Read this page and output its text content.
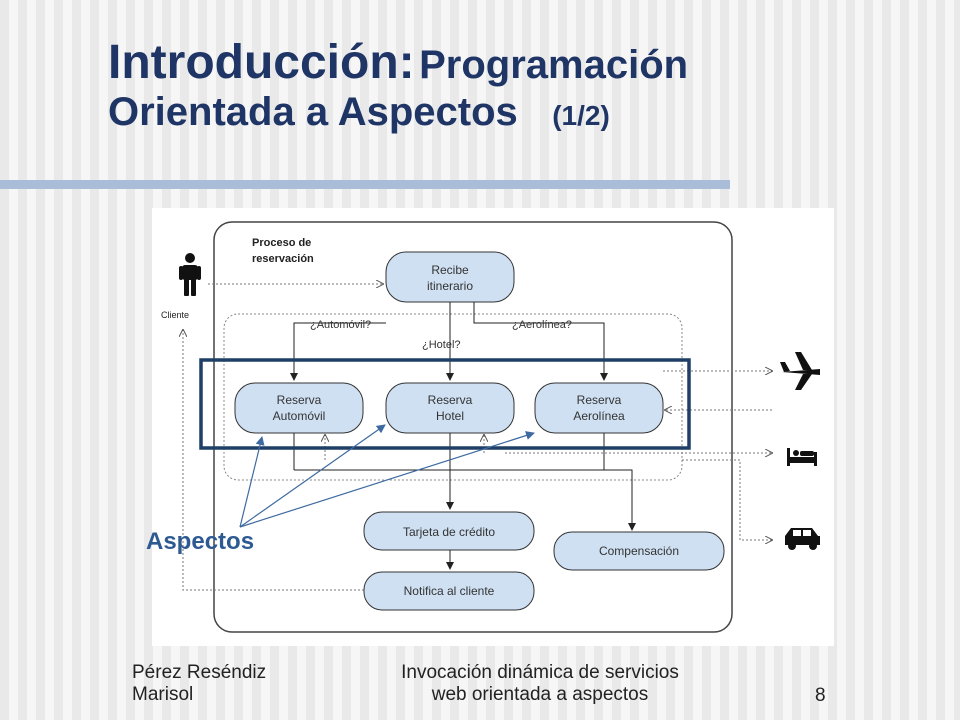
Introducción: Programación
Orientada a Aspectos (1/2)
Proceso de
reservación
Cliente
Recibe
itinerario
¿Automóvil?
¿Hotel?
¿Aerolínea?
Reserva
Automóvil
Reserva
Hotel
Reserva
Aerolínea
Tarjeta de crédito
Compensación
Notifica al cliente
Aspectos
Pérez Reséndiz
Marisol
Invocación dinámica de servicios
web orientada a aspectos	8
